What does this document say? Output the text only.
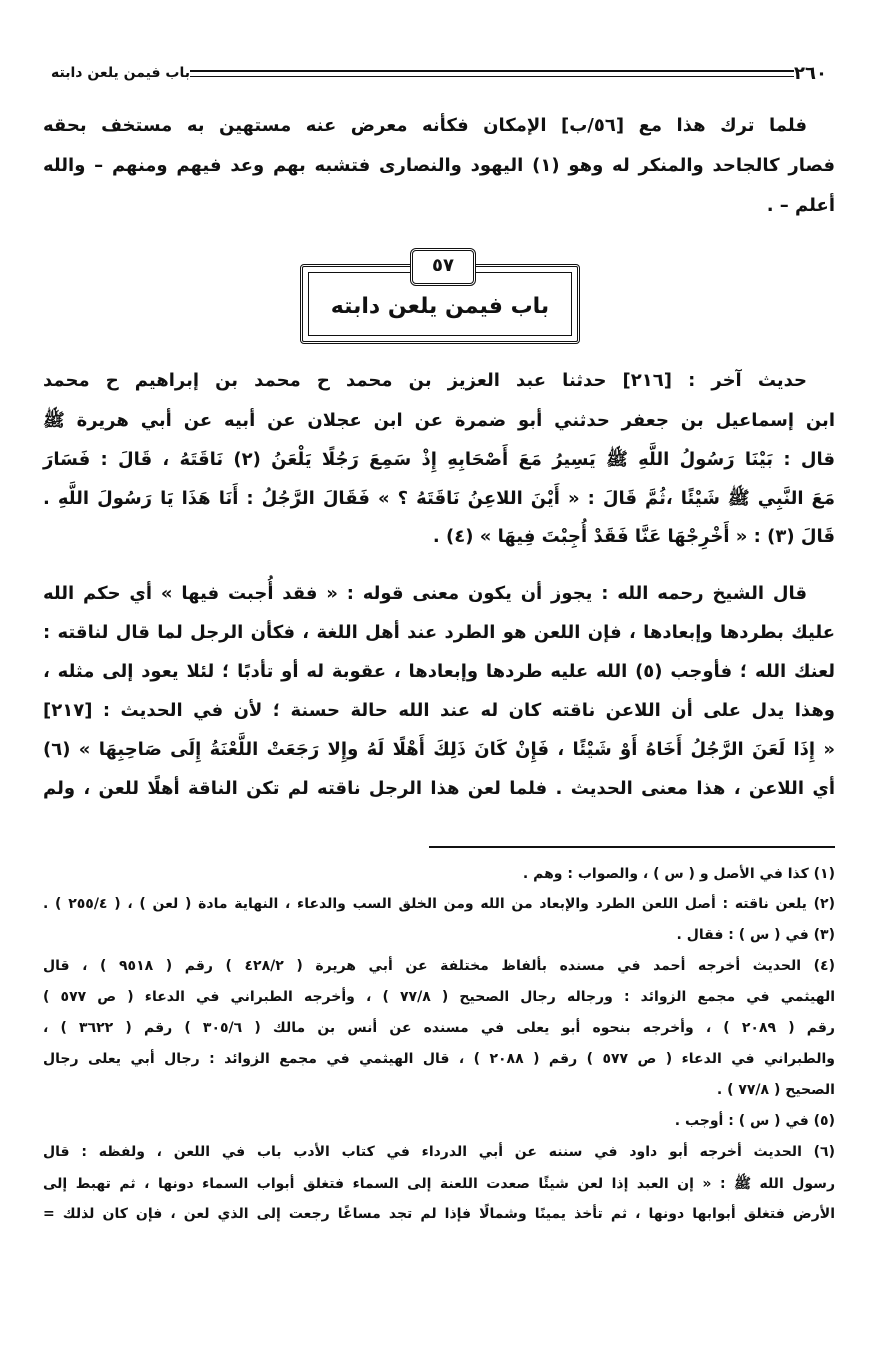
٢٦٠
باب فيمن يلعن دابته
فلما ترك هذا مع [٥٦/ب] الإمكان فكأنه معرض عنه مستهين به مستخف بحقه
فصار كالجاحد والمنكر له وهو (١) اليهود والنصارى فتشبه بهم وعد فيهم ومنهم – والله
أعلم – .
٥٧
باب فيمن يلعن دابته
حديث آخر : [٢١٦] حدثنا عبد العزيز بن محمد ح محمد بن إبراهيم ح محمد
ابن إسماعيل بن جعفر حدثني أبو ضمرة عن ابن عجلان عن أبيه عن أبي هريرة ﷺ
قال : بَيْنَا رَسُولُ اللَّهِ ﷺ يَسِيرُ مَعَ أَصْحَابِهِ إِذْ سَمِعَ رَجُلًا يَلْعَنُ (٢) نَاقَتَهُ ، قَالَ : فَسَارَ
مَعَ النَّبِي ﷺ شَيْئًا ،ثُمَّ قَالَ : « أَيْنَ اللاعِنُ نَاقَتَهُ ؟ » فَقَالَ الرَّجُلُ : أَنَا هَذَا يَا رَسُولَ اللَّهِ .
قَالَ (٣) : « أَخْرِجْهَا عَنَّا فَقَدْ أُجِبْتَ فِيهَا » (٤) .
قال الشيخ رحمه الله : يجوز أن يكون معنى قوله : « فقد أُجبت فيها » أي حكم الله
عليك بطردها وإبعادها ، فإن اللعن هو الطرد عند أهل اللغة ، فكأن الرجل لما قال لناقته :
لعنك الله ؛ فأوجب (٥) الله عليه طردها وإبعادها ، عقوبة له أو تأدبًا ؛ لئلا يعود إلى مثله ،
وهذا يدل على أن اللاعن ناقته كان له عند الله حالة حسنة ؛ لأن في الحديث : [٢١٧]
« إِذَا لَعَنَ الرَّجُلُ أَخَاهُ أَوْ شَيْئًا ، فَإِنْ كَانَ ذَلِكَ أَهْلًا لَهُ وإِلا رَجَعَتْ اللَّعْنَةُ إِلَى صَاحِبِهَا » (٦)
أي اللاعن ، هذا معنى الحديث . فلما لعن هذا الرجل ناقته لم تكن الناقة أهلًا للعن ، ولم
(١) كذا في الأصل و ( س ) ، والصواب : وهم .
(٢) يلعن ناقته : أصل اللعن الطرد والإبعاد من الله ومن الخلق السب والدعاء ، النهاية مادة ( لعن ) ، ( ٢٥٥/٤ ) .
(٣) في ( س ) : فقال .
(٤) الحديث أخرجه أحمد في مسنده بألفاظ مختلفة عن أبي هريرة ( ٤٢٨/٢ ) رقم ( ٩٥١٨ ) ، قال
الهيثمي في مجمع الزوائد : ورجاله رجال الصحيح ( ٧٧/٨ ) ، وأخرجه الطبراني في الدعاء ( ص ٥٧٧ )
رقم ( ٢٠٨٩ ) ، وأخرجه بنحوه أبو يعلى في مسنده عن أنس بن مالك ( ٣٠٥/٦ ) رقم ( ٣٦٢٢ ) ،
والطبراني في الدعاء ( ص ٥٧٧ ) رقم ( ٢٠٨٨ ) ، قال الهيثمي في مجمع الزوائد : رجال أبي يعلى رجال
الصحيح ( ٧٧/٨ ) .
(٥) في ( س ) : أوجب .
(٦) الحديث أخرجه أبو داود في سننه عن أبي الدرداء في كتاب الأدب باب في اللعن ، ولفظه : قال
رسول الله ﷺ : « إن العبد إذا لعن شيئًا صعدت اللعنة إلى السماء فتغلق أبواب السماء دونها ، ثم تهبط إلى
الأرض فتغلق أبوابها دونها ، ثم تأخذ يمينًا وشمالًا فإذا لم تجد مساغًا رجعت إلى الذي لعن ، فإن كان لذلك =
